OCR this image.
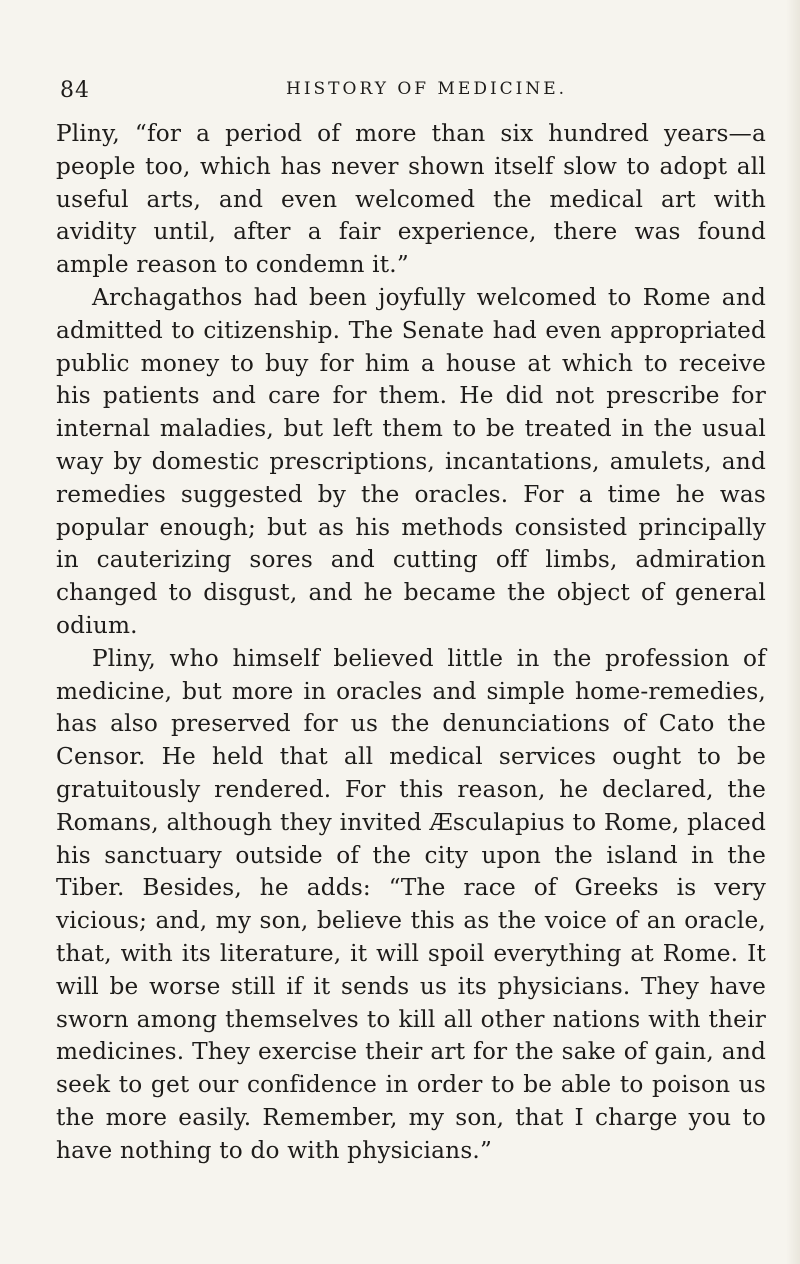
84	HISTORY OF MEDICINE.

Pliny, “for a period of more than six hundred years—a people too, which has never shown itself slow to adopt all useful arts, and even welcomed the medical art with avidity until, after a fair experience, there was found ample reason to condemn it.”

Archagathos had been joyfully welcomed to Rome and admitted to citizenship. The Senate had even appropriated public money to buy for him a house at which to receive his patients and care for them. He did not prescribe for internal maladies, but left them to be treated in the usual way by domestic prescriptions, incantations, amulets, and remedies suggested by the oracles. For a time he was popular enough; but as his methods consisted principally in cauterizing sores and cutting off limbs, admiration changed to disgust, and he became the object of general odium.

Pliny, who himself believed little in the profession of medicine, but more in oracles and simple home-remedies, has also preserved for us the denunciations of Cato the Censor. He held that all medical services ought to be gratuitously rendered. For this reason, he declared, the Romans, although they invited Æsculapius to Rome, placed his sanctuary outside of the city upon the island in the Tiber. Besides, he adds: “The race of Greeks is very vicious; and, my son, believe this as the voice of an oracle, that, with its literature, it will spoil everything at Rome. It will be worse still if it sends us its physicians. They have sworn among themselves to kill all other nations with their medicines. They exercise their art for the sake of gain, and seek to get our confidence in order to be able to poison us the more easily. Remember, my son, that I charge you to have nothing to do with physicians.”
